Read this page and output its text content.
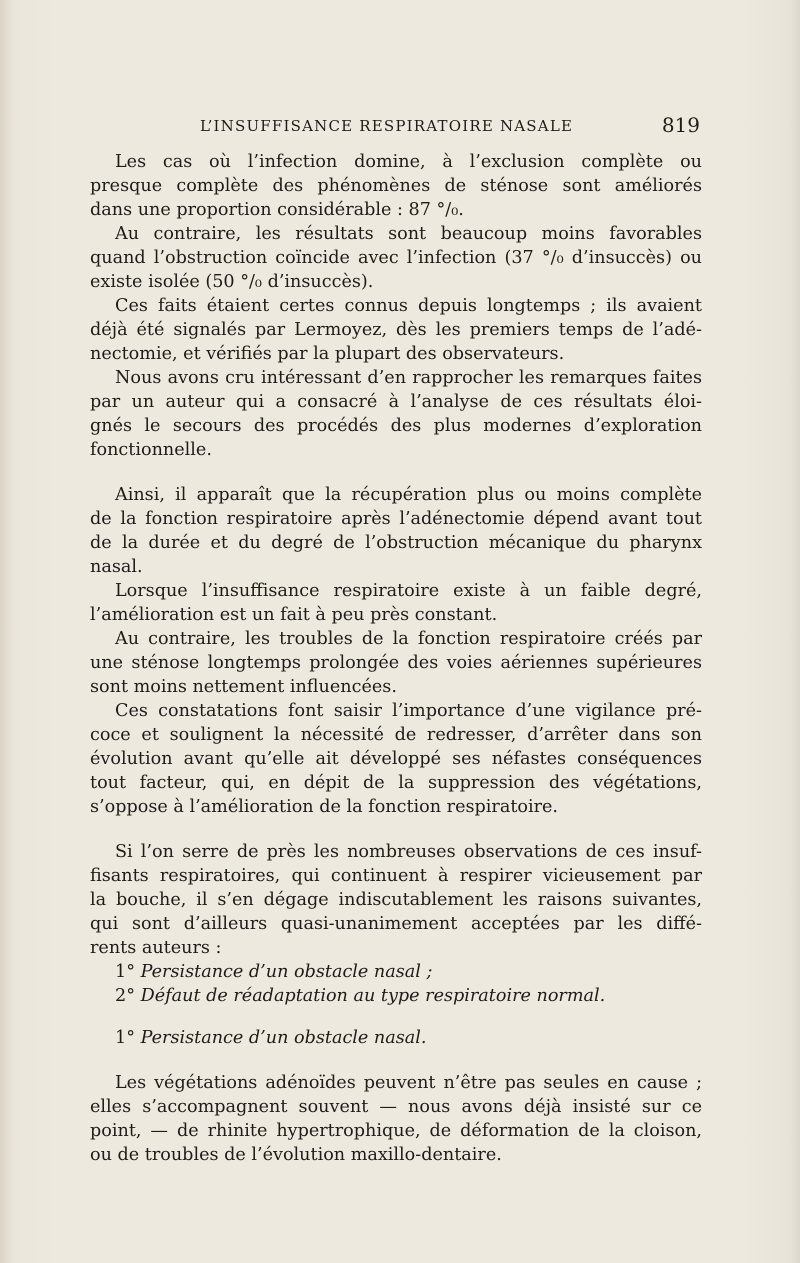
L’INSUFFISANCE RESPIRATOIRE NASALE	819
Les cas où l’infection domine, à l’exclusion complète ou
presque complète des phénomènes de sténose sont améliorés
dans une proportion considérable : 87 °/₀.
Au contraire, les résultats sont beaucoup moins favorables
quand l’obstruction coïncide avec l’infection (37 °/₀ d’insuccès) ou
existe isolée (50 °/₀ d’insuccès).
Ces faits étaient certes connus depuis longtemps ; ils avaient
déjà été signalés par Lermoyez, dès les premiers temps de l’adé-
nectomie, et vérifiés par la plupart des observateurs.
Nous avons cru intéressant d’en rapprocher les remarques faites
par un auteur qui a consacré à l’analyse de ces résultats éloi-
gnés le secours des procédés des plus modernes d’exploration
fonctionnelle.
Ainsi, il apparaît que la récupération plus ou moins complète
de la fonction respiratoire après l’adénectomie dépend avant tout
de la durée et du degré de l’obstruction mécanique du pharynx
nasal.
Lorsque l’insuffisance respiratoire existe à un faible degré,
l’amélioration est un fait à peu près constant.
Au contraire, les troubles de la fonction respiratoire créés par
une sténose longtemps prolongée des voies aériennes supérieures
sont moins nettement influencées.
Ces constatations font saisir l’importance d’une vigilance pré-
coce et soulignent la nécessité de redresser, d’arrêter dans son
évolution avant qu’elle ait développé ses néfastes conséquences
tout facteur, qui, en dépit de la suppression des végétations,
s’oppose à l’amélioration de la fonction respiratoire.
Si l’on serre de près les nombreuses observations de ces insuf-
fisants respiratoires, qui continuent à respirer vicieusement par
la bouche, il s’en dégage indiscutablement les raisons suivantes,
qui sont d’ailleurs quasi-unanimement acceptées par les diffé-
rents auteurs :
1° Persistance d’un obstacle nasal ;
2° Défaut de réadaptation au type respiratoire normal.
1° Persistance d’un obstacle nasal.
Les végétations adénoïdes peuvent n’être pas seules en cause ;
elles s’accompagnent souvent — nous avons déjà insisté sur ce
point, — de rhinite hypertrophique, de déformation de la cloison,
ou de troubles de l’évolution maxillo-dentaire.
